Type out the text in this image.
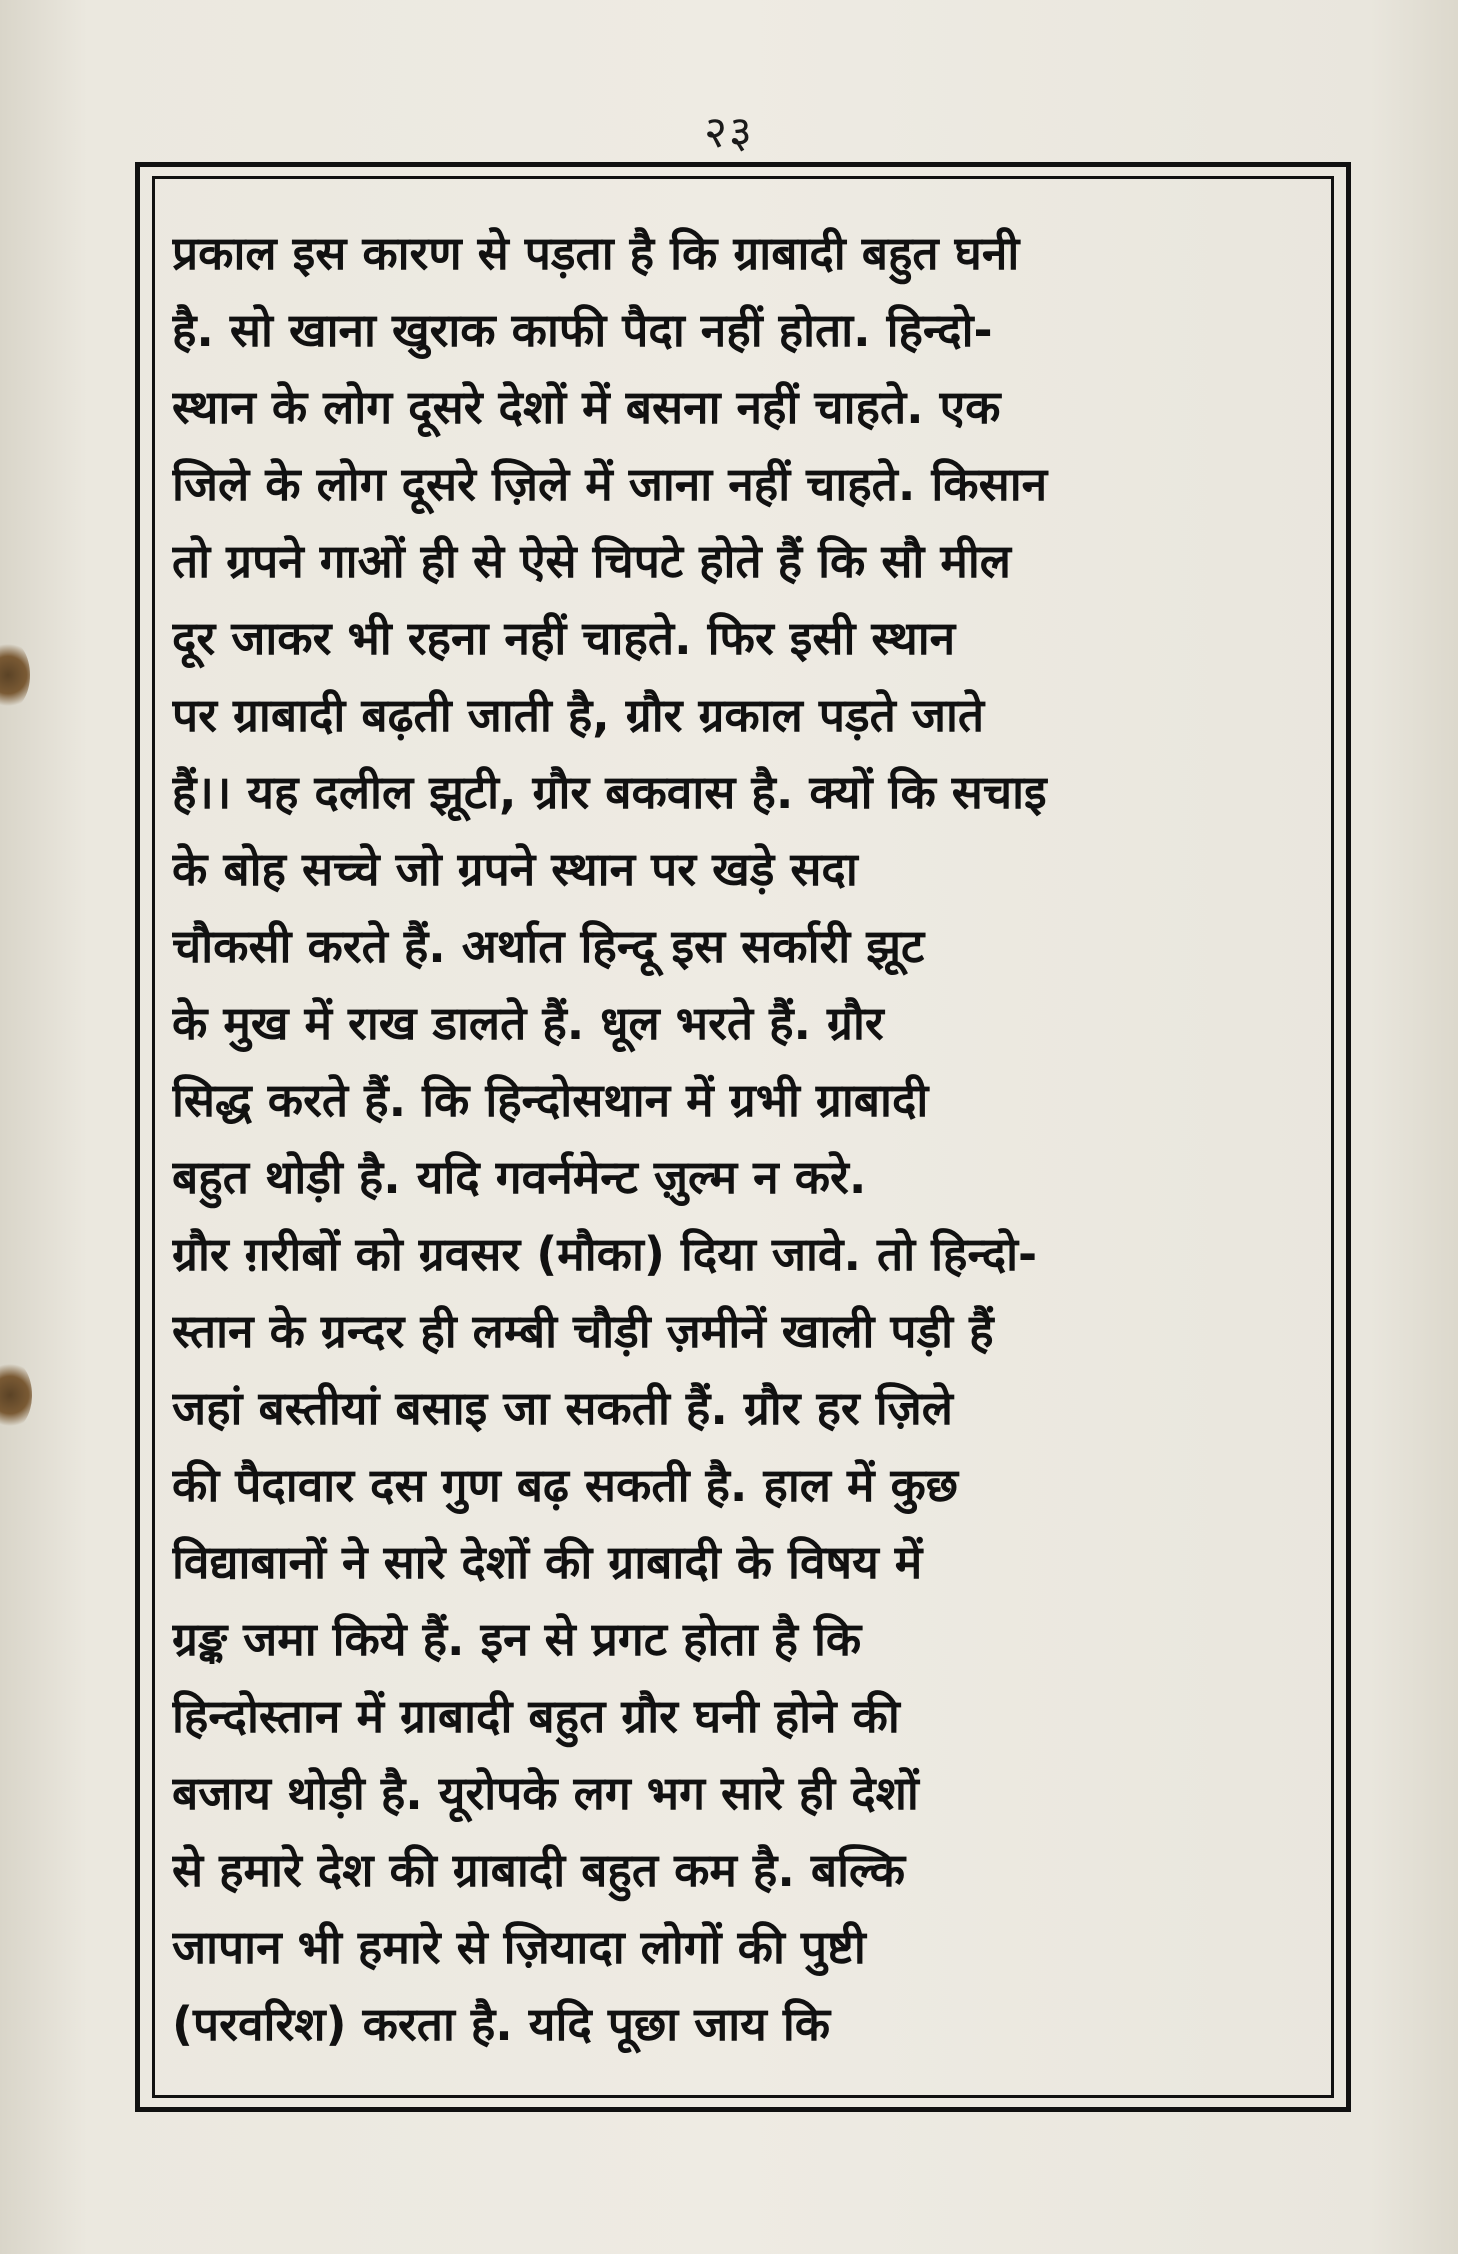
२३
प्रकाल इस कारण से पड़ता है कि ग्राबादी बहुत घनी
है. सो खाना खुराक काफी पैदा नहीं होता. हिन्दो-
स्थान के लोग दूसरे देशों में बसना नहीं चाहते. एक
जिले के लोग दूसरे ज़िले में जाना नहीं चाहते. किसान
तो ग्रपने गाओं ही से ऐसे चिपटे होते हैं कि सौ मील
दूर जाकर भी रहना नहीं चाहते. फिर इसी स्थान
पर ग्राबादी बढ़ती जाती है, ग्रौर ग्रकाल पड़ते जाते
हैं।। यह दलील झूटी, ग्रौर बकवास है. क्यों कि सचाइ
के बोह सच्चे जो ग्रपने स्थान पर खड़े सदा
चौकसी करते हैं. अर्थात हिन्दू इस सर्कारी झूट
के मुख में राख डालते हैं. धूल भरते हैं. ग्रौर
सिद्ध करते हैं. कि हिन्दोसथान में ग्रभी ग्राबादी
बहुत थोड़ी है. यदि गवर्नमेन्ट ज़ुल्म न करे.
ग्रौर ग़रीबों को ग्रवसर (मौका) दिया जावे. तो हिन्दो-
स्तान के ग्रन्दर ही लम्बी चौड़ी ज़मीनें खाली पड़ी हैं
जहां बस्तीयां बसाइ जा सकती हैं. ग्रौर हर ज़िले
की पैदावार दस गुण बढ़ सकती है. हाल में कुछ
विद्याबानों ने सारे देशों की ग्राबादी के विषय में
ग्रङ्क जमा किये हैं. इन से प्रगट होता है कि
हिन्दोस्तान में ग्राबादी बहुत ग्रौर घनी होने की
बजाय थोड़ी है. यूरोपके लग भग सारे ही देशों
से हमारे देश की ग्राबादी बहुत कम है. बल्कि
जापान भी हमारे से ज़ियादा लोगों की पुष्टी
(परवरिश) करता है. यदि पूछा जाय कि
